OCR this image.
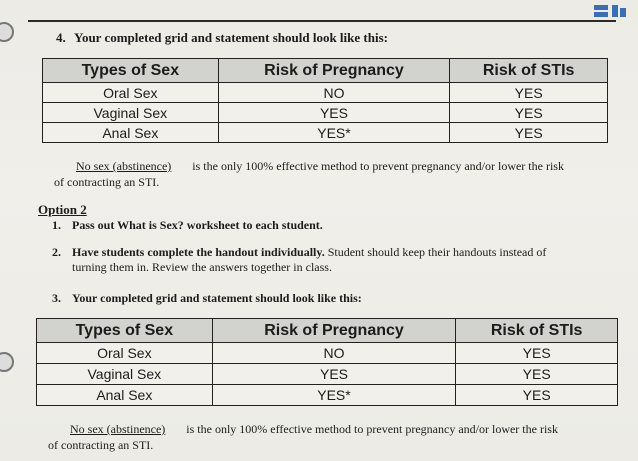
4. Your completed grid and statement should look like this:
Types of Sex	Risk of Pregnancy	Risk of STIs
Oral Sex	NO	YES
Vaginal Sex	YES	YES
Anal Sex	YES*	YES
No sex (abstinence) is the only 100% effective method to prevent pregnancy and/or lower the risk
of contracting an STI.
Option 2
1. Pass out What is Sex? worksheet to each student.
2. Have students complete the handout individually. Student should keep their handouts instead of
turning them in. Review the answers together in class.
3. Your completed grid and statement should look like this:
Types of Sex	Risk of Pregnancy	Risk of STIs
Oral Sex	NO	YES
Vaginal Sex	YES	YES
Anal Sex	YES*	YES
No sex (abstinence) is the only 100% effective method to prevent pregnancy and/or lower the risk
of contracting an STI.
